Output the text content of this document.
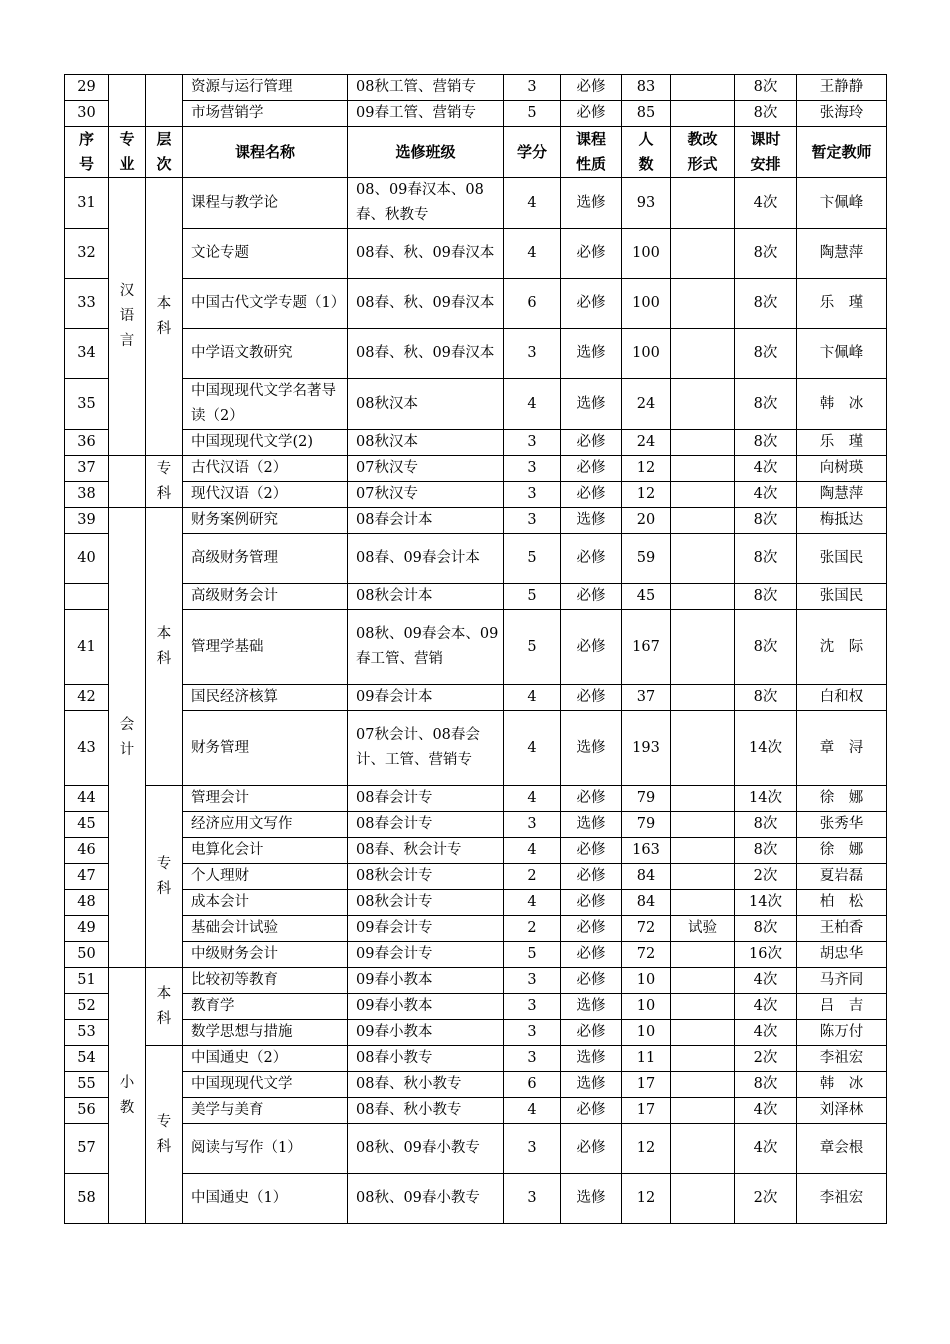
29			资源与运行管理	08秋工管、营销专	3	必修	83		8次	王静静
30			市场营销学	09春工管、营销专	5	必修	85		8次	张海玲

序号	专业	层次	课程名称	选修班级	学分	课程性质	人数	教改形式	课时安排	暂定教师
31	汉语言	本科	课程与教学论	08、09春汉本、08春、秋教专	4	选修	93		4次	卞佩峰
32			文论专题	08春、秋、09春汉本	4	必修	100		8次	陶慧萍
33			中国古代文学专题（1）	08春、秋、09春汉本	6	必修	100		8次	乐　瑾
34			中学语文教研究	08春、秋、09春汉本	3	选修	100		8次	卞佩峰
35			中国现现代文学名著导读（2）	08秋汉本	4	选修	24		8次	韩　冰
36			中国现现代文学(2)	08秋汉本	3	必修	24		8次	乐　瑾
37		专科	古代汉语（2）	07秋汉专	3	必修	12		4次	向树瑛
38			现代汉语（2）	07秋汉专	3	必修	12		4次	陶慧萍
39	会计	本科	财务案例研究	08春会计本	3	选修	20		8次	梅抵达
40			高级财务管理	08春、09春会计本	5	必修	59		8次	张国民
			高级财务会计	08秋会计本	5	必修	45		8次	张国民
41			管理学基础	08秋、09春会本、09春工管、营销	5	必修	167		8次	沈　际
42			国民经济核算	09春会计本	4	必修	37		8次	白和权
43			财务管理	07秋会计、08春会计、工管、营销专	4	选修	193		14次	章　浔
44		专科	管理会计	08春会计专	4	必修	79		14次	徐　娜
45			经济应用文写作	08春会计专	3	选修	79		8次	张秀华
46			电算化会计	08春、秋会计专	4	必修	163		8次	徐　娜
47			个人理财	08秋会计专	2	必修	84		2次	夏岩磊
48			成本会计	08秋会计专	4	必修	84		14次	柏　松
49			基础会计试验	09春会计专	2	必修	72	试验	8次	王柏香
50			中级财务会计	09春会计专	5	必修	72		16次	胡忠华
51	小教	本科	比较初等教育	09春小教本	3	必修	10		4次	马齐同
52			教育学	09春小教本	3	选修	10		4次	吕　吉
53			数学思想与措施	09春小教本	3	必修	10		4次	陈万付
54		专科	中国通史（2）	08春小教专	3	选修	11		2次	李祖宏
55			中国现现代文学	08春、秋小教专	6	选修	17		8次	韩　冰
56			美学与美育	08春、秋小教专	4	必修	17		4次	刘泽林
57			阅读与写作（1）	08秋、09春小教专	3	必修	12		4次	章会根
58			中国通史（1）	08秋、09春小教专	3	选修	12		2次	李祖宏
